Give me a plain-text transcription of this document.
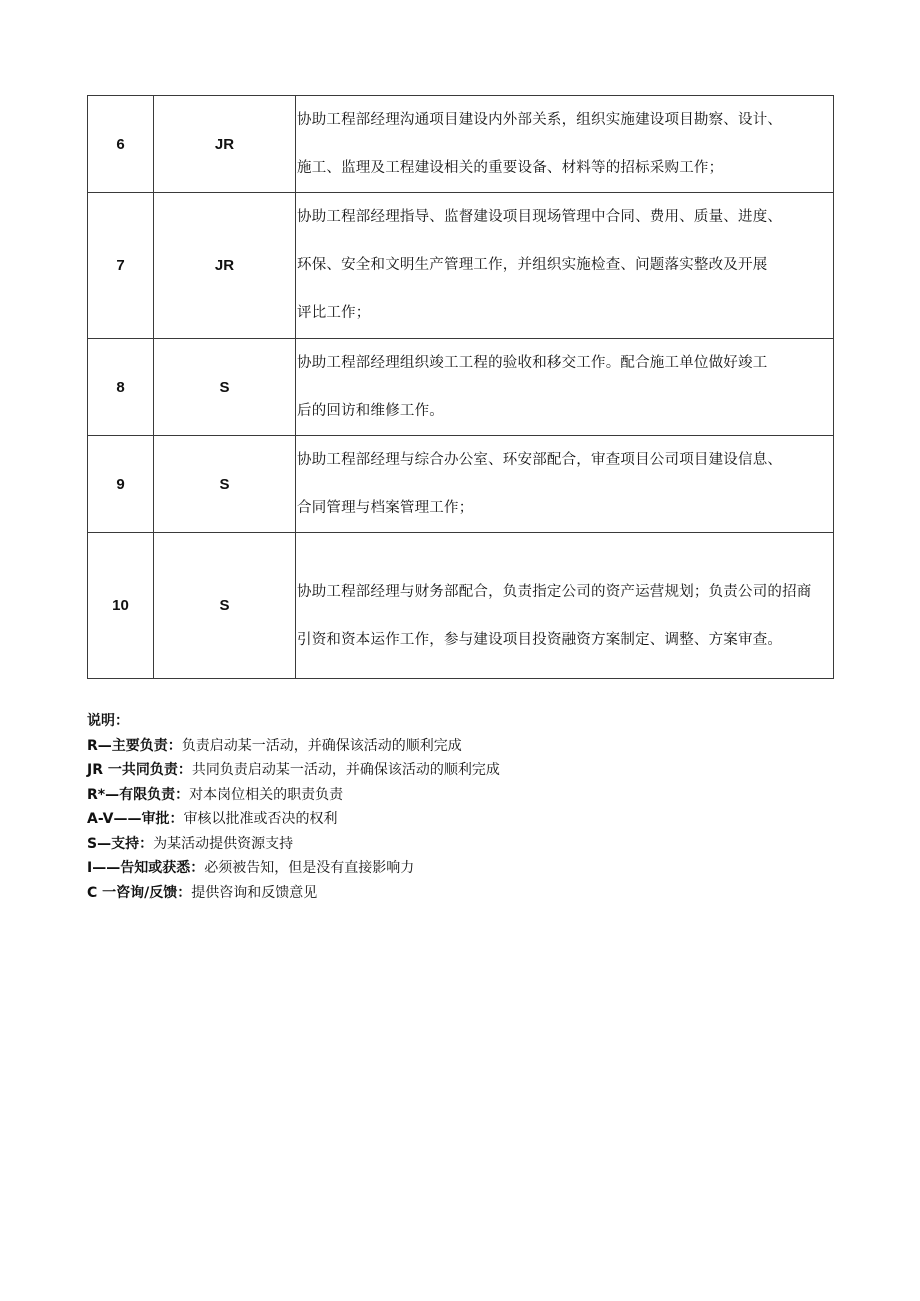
6	JR	协助工程部经理沟通项目建设内外部关系，组织实施建设项目勘察、设计、
施工、监理及工程建设相关的重要设备、材料等的招标采购工作；

7	JR	协助工程部经理指导、监督建设项目现场管理中合同、费用、质量、进度、
环保、安全和文明生产管理工作，并组织实施检查、问题落实整改及开展
评比工作；

8	S	协助工程部经理组织竣工工程的验收和移交工作。配合施工单位做好竣工
后的回访和维修工作。

9	S	协助工程部经理与综合办公室、环安部配合，审查项目公司项目建设信息、
合同管理与档案管理工作；

10	S	协助工程部经理与财务部配合，负责指定公司的资产运营规划；负责公司的招商
引资和资本运作工作，参与建设项目投资融资方案制定、调整、方案审查。
说明：
R—主要负责：负责启动某一活动，并确保该活动的顺利完成
JR 一共同负责：共同负责启动某一活动，并确保该活动的顺利完成
R*—有限负责：对本岗位相关的职责负责
A-V——审批：审核以批准或否决的权利
S—支持：为某活动提供资源支持
I——告知或获悉：必须被告知，但是没有直接影响力
C 一咨询/反馈：提供咨询和反馈意见
